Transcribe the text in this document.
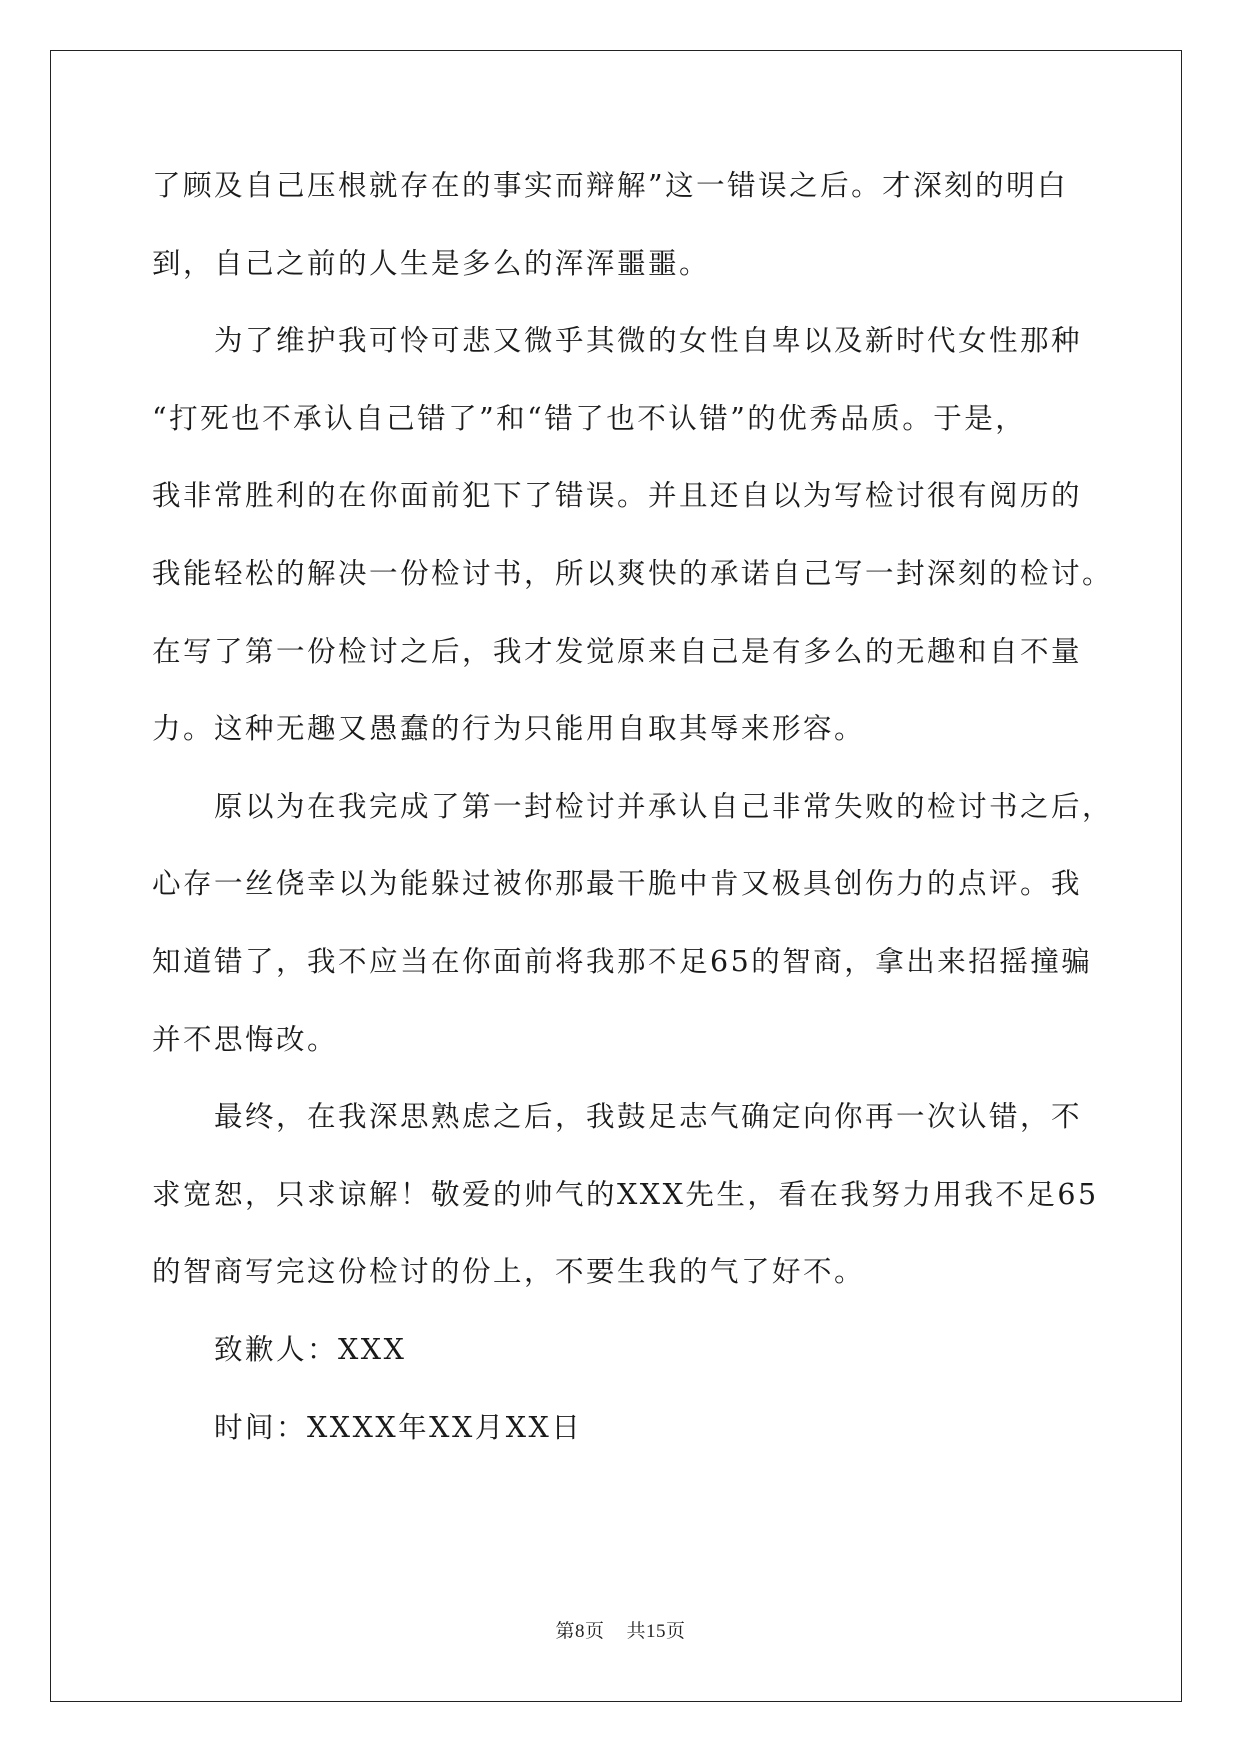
了顾及自己压根就存在的事实而辩解”这一错误之后。才深刻的明白
到，自己之前的人生是多么的浑浑噩噩。
为了维护我可怜可悲又微乎其微的女性自卑以及新时代女性那种
“打死也不承认自己错了”和“错了也不认错”的优秀品质。于是，
我非常胜利的在你面前犯下了错误。并且还自以为写检讨很有阅历的
我能轻松的解决一份检讨书，所以爽快的承诺自己写一封深刻的检讨。
在写了第一份检讨之后，我才发觉原来自己是有多么的无趣和自不量
力。这种无趣又愚蠢的行为只能用自取其辱来形容。
原以为在我完成了第一封检讨并承认自己非常失败的检讨书之后，
心存一丝侥幸以为能躲过被你那最干脆中肯又极具创伤力的点评。我
知道错了，我不应当在你面前将我那不足65的智商，拿出来招摇撞骗
并不思悔改。
最终，在我深思熟虑之后，我鼓足志气确定向你再一次认错，不
求宽恕，只求谅解！敬爱的帅气的XXX先生，看在我努力用我不足65
的智商写完这份检讨的份上，不要生我的气了好不。
致歉人：XXX
时间：XXXX年XX月XX日
第8页 共15页
